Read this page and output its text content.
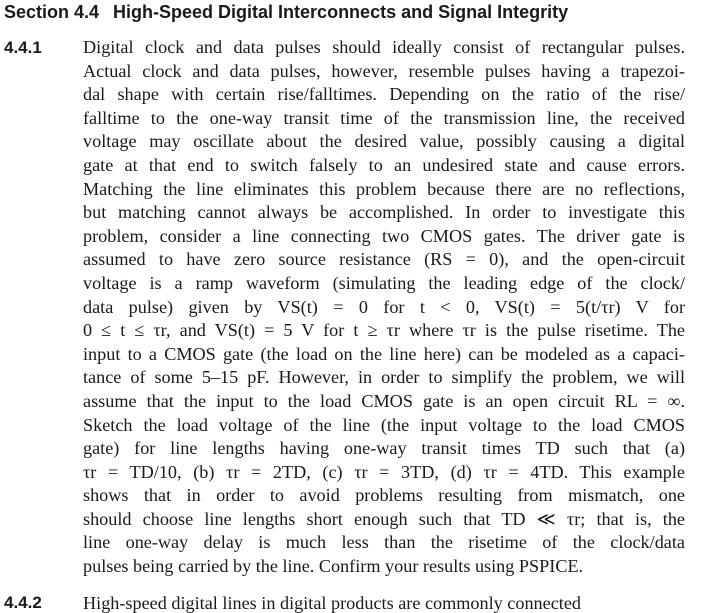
Section 4.4 High-Speed Digital Interconnects and Signal Integrity
4.4.1 Digital clock and data pulses should ideally consist of rectangular pulses.
Actual clock and data pulses, however, resemble pulses having a trapezoi-
dal shape with certain rise/falltimes. Depending on the ratio of the rise/
falltime to the one-way transit time of the transmission line, the received
voltage may oscillate about the desired value, possibly causing a digital
gate at that end to switch falsely to an undesired state and cause errors.
Matching the line eliminates this problem because there are no reflections,
but matching cannot always be accomplished. In order to investigate this
problem, consider a line connecting two CMOS gates. The driver gate is
assumed to have zero source resistance (RS = 0), and the open-circuit
voltage is a ramp waveform (simulating the leading edge of the clock/
data pulse) given by VS(t) = 0 for t < 0, VS(t) = 5(t/τr) V for
0 ≤ t ≤ τr, and VS(t) = 5 V for t ≥ τr where τr is the pulse risetime. The
input to a CMOS gate (the load on the line here) can be modeled as a capaci-
tance of some 5–15 pF. However, in order to simplify the problem, we will
assume that the input to the load CMOS gate is an open circuit RL = ∞.
Sketch the load voltage of the line (the input voltage to the load CMOS
gate) for line lengths having one-way transit times TD such that (a)
τr = TD/10, (b) τr = 2TD, (c) τr = 3TD, (d) τr = 4TD. This example
shows that in order to avoid problems resulting from mismatch, one
should choose line lengths short enough such that TD ≪ τr; that is, the
line one-way delay is much less than the risetime of the clock/data
pulses being carried by the line. Confirm your results using PSPICE.
4.4.2 High-speed digital lines in digital products are commonly connected
